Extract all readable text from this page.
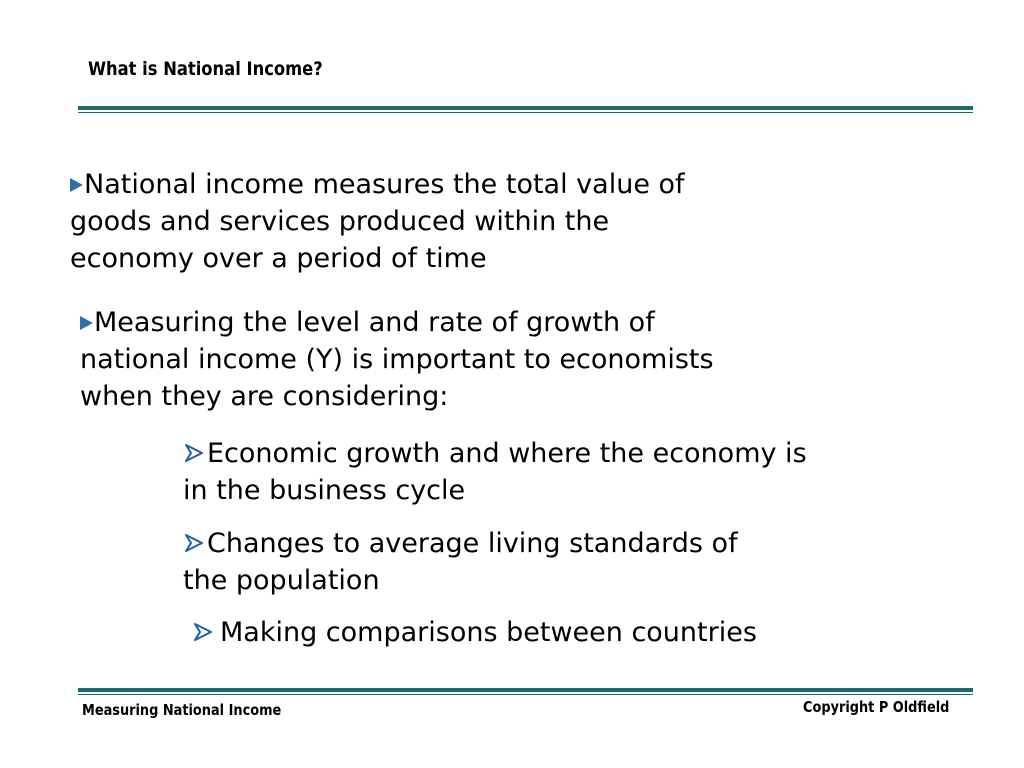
What is National Income?
National income measures the total value of
goods and services produced within the
economy over a period of time
Measuring the level and rate of growth of
national income (Y) is important to economists
when they are considering:
Economic growth and where the economy is
in the business cycle
Changes to average living standards of
the population
Making comparisons between countries
Measuring National Income	Copyright P Oldfield
